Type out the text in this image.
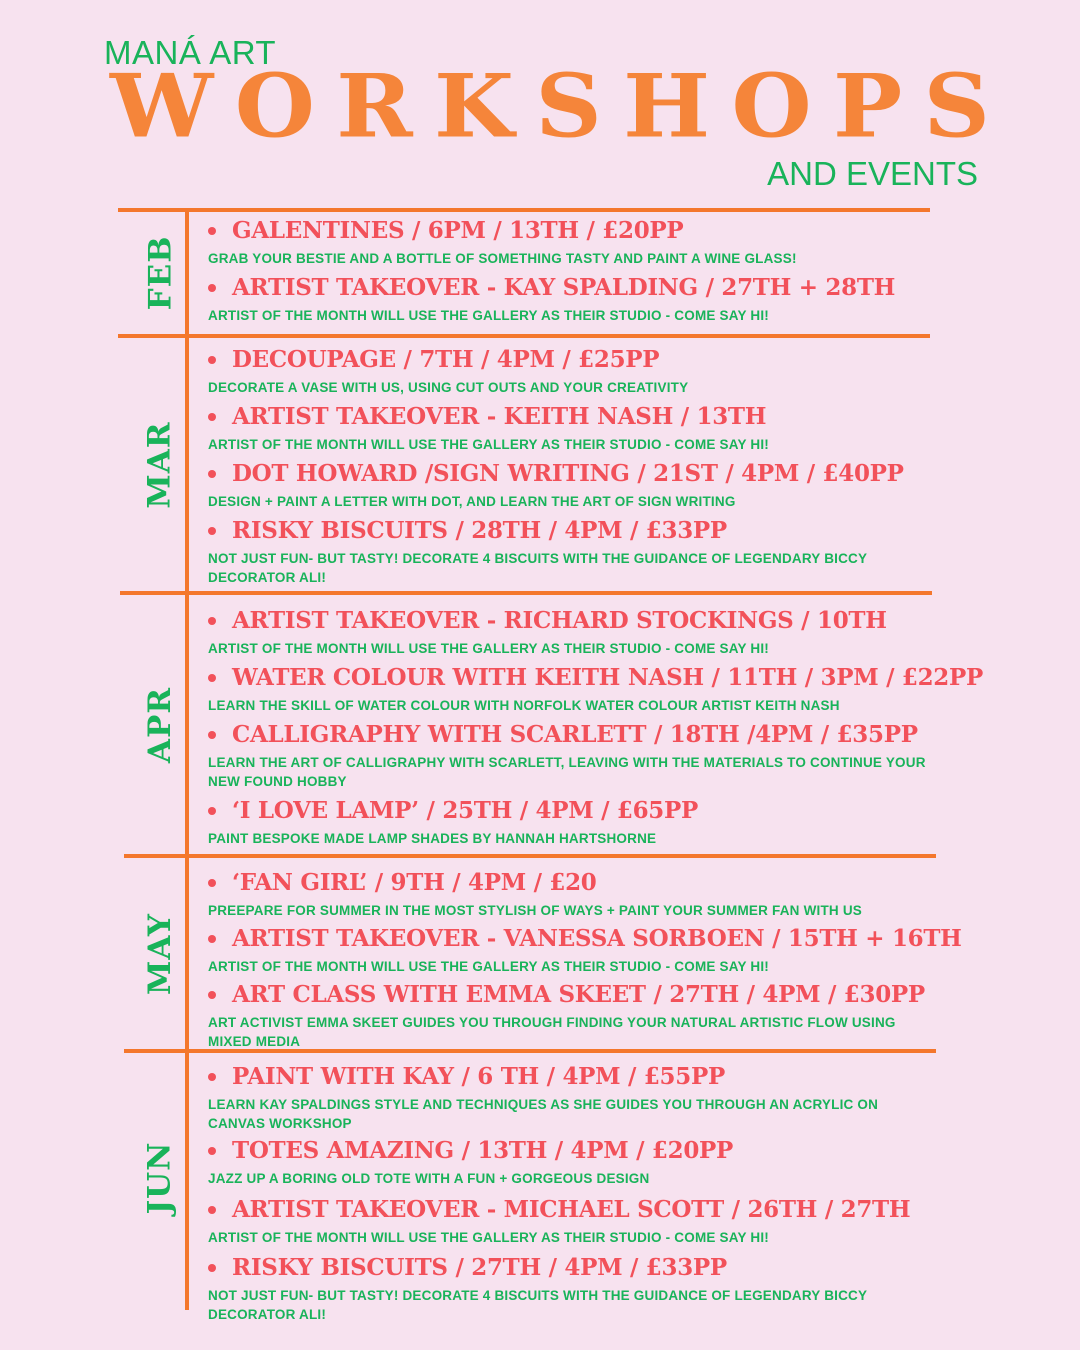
MANÁ ART
W O R K S H O P S
AND EVENTS
FEB
MAR
APR
MAY
JUN
GALENTINES / 6PM / 13TH / £20PP
GRAB YOUR BESTIE AND A BOTTLE OF SOMETHING TASTY AND PAINT A WINE GLASS!
ARTIST TAKEOVER - KAY SPALDING / 27TH + 28TH
ARTIST OF THE MONTH WILL USE THE GALLERY AS THEIR STUDIO - COME SAY HI!
DECOUPAGE / 7TH / 4PM / £25PP
DECORATE A VASE WITH US, USING CUT OUTS AND YOUR CREATIVITY
ARTIST TAKEOVER - KEITH NASH / 13TH
ARTIST OF THE MONTH WILL USE THE GALLERY AS THEIR STUDIO - COME SAY HI!
DOT HOWARD /SIGN WRITING / 21ST / 4PM / £40PP
DESIGN + PAINT A LETTER WITH DOT, AND LEARN THE ART OF SIGN WRITING
RISKY BISCUITS / 28TH / 4PM / £33PP
NOT JUST FUN- BUT TASTY! DECORATE 4 BISCUITS WITH THE GUIDANCE OF LEGENDARY BICCY DECORATOR ALI!
ARTIST TAKEOVER - RICHARD STOCKINGS / 10TH
ARTIST OF THE MONTH WILL USE THE GALLERY AS THEIR STUDIO - COME SAY HI!
WATER COLOUR WITH KEITH NASH / 11TH / 3PM / £22PP
LEARN THE SKILL OF WATER COLOUR WITH NORFOLK WATER COLOUR ARTIST KEITH NASH
CALLIGRAPHY WITH SCARLETT / 18TH /4PM / £35PP
LEARN THE ART OF CALLIGRAPHY WITH SCARLETT, LEAVING WITH THE MATERIALS TO CONTINUE YOUR NEW FOUND HOBBY
‘I LOVE LAMP’ / 25TH / 4PM / £65PP
PAINT BESPOKE MADE LAMP SHADES BY HANNAH HARTSHORNE
‘FAN GIRL’ / 9TH / 4PM / £20
PREEPARE FOR SUMMER IN THE MOST STYLISH OF WAYS + PAINT YOUR SUMMER FAN WITH US
ARTIST TAKEOVER - VANESSA SORBOEN / 15TH + 16TH
ARTIST OF THE MONTH WILL USE THE GALLERY AS THEIR STUDIO - COME SAY HI!
ART CLASS WITH EMMA SKEET / 27TH / 4PM / £30PP
ART ACTIVIST EMMA SKEET GUIDES YOU THROUGH FINDING YOUR NATURAL ARTISTIC FLOW USING MIXED MEDIA
PAINT WITH KAY / 6 TH / 4PM / £55PP
LEARN KAY SPALDINGS STYLE AND TECHNIQUES AS SHE GUIDES YOU THROUGH AN ACRYLIC ON CANVAS WORKSHOP
TOTES AMAZING / 13TH / 4PM / £20PP
JAZZ UP A BORING OLD TOTE WITH A FUN + GORGEOUS DESIGN
ARTIST TAKEOVER - MICHAEL SCOTT / 26TH / 27TH
ARTIST OF THE MONTH WILL USE THE GALLERY AS THEIR STUDIO - COME SAY HI!
RISKY BISCUITS / 27TH / 4PM / £33PP
NOT JUST FUN- BUT TASTY! DECORATE 4 BISCUITS WITH THE GUIDANCE OF LEGENDARY BICCY DECORATOR ALI!
